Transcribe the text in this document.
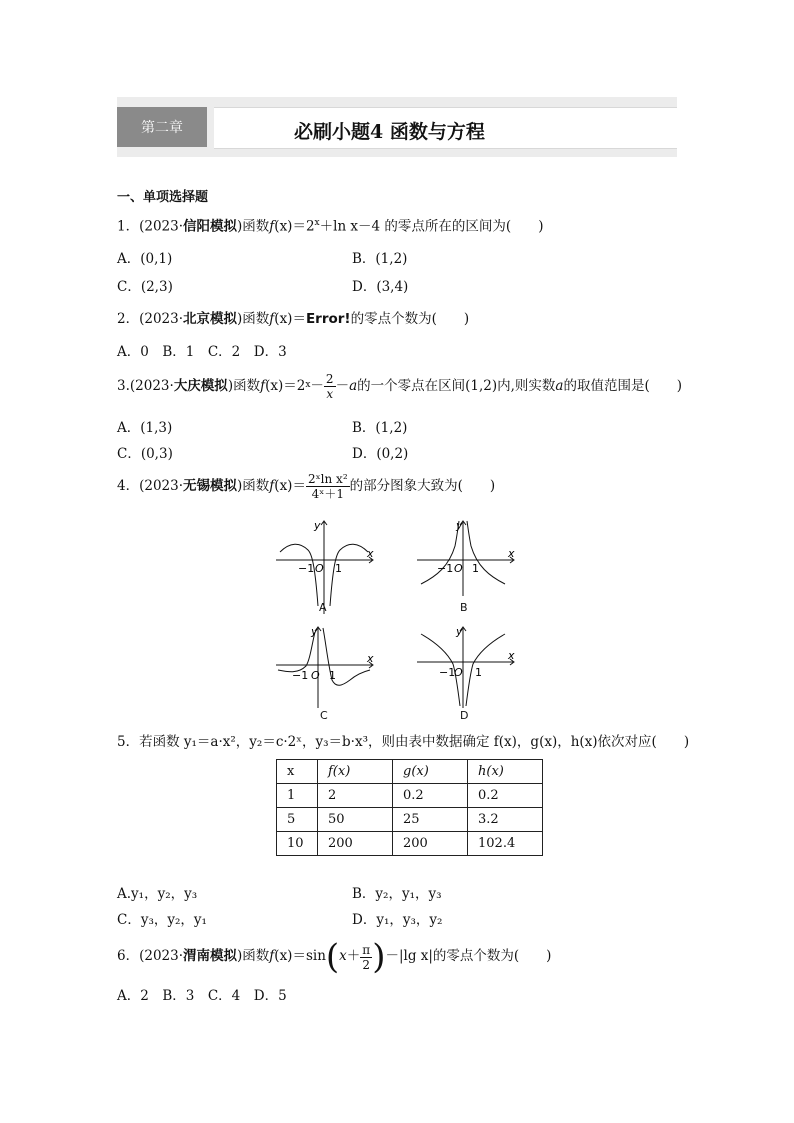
第二章	必刷小题4 函数与方程
一、单项选择题
1．(2023·信阳模拟)函数$f(x)=2^x+\ln$ x－4 的零点所在的区间为(　　)
A．(0,1)	B．(1,2)
C．(2,3)	D．(3,4)
2．(2023·北京模拟)函数f(x)＝Error!的零点个数为(　　)
A．0　B．1　C．2　D．3
3. (2023· 大庆模拟 )函数 f (x) ＝2 $x - \frac{2}{x} - a$ 的一个零点在区间(1,2)内,则实数 a 的取值范围是(　　)
A．(1,3)	B．(1,2)
C．(0,3)	D．(0,2)
4． (2023· 无锡模拟 )函数 f $(x) = \frac{\text{2ˣln x²}}{\text{4ˣ＋1}}$ 的部分图象大致为(　　)
y
x
−1 O 1
A
y
x
−1 O 1
B
y
x
−1 O 1
C
y
x
−1
O 1
D
5．若函数 y₁＝a·x²，y₂＝c·2ˣ，y₃＝b·x³，则由表中数据确定 f(x)，g(x)，h(x)依次对应(　　)
x	f(x)	g(x)	h(x)
1	2	0.2	0.2
5	50	25	3.2
10	200	200	102.4
A.y₁，y₂，y₃	B．y₂，y₁，y₃
C．y₃，y₂，y₁	D．y₁，y₃，y₂
6． (2023· 渭南模拟 )函数 f (x) ＝sin ( $x + \frac{\pi}{2}$ ) －|lg x|的零点个数为(　　)
A．2　B．3　C．4　D．5
